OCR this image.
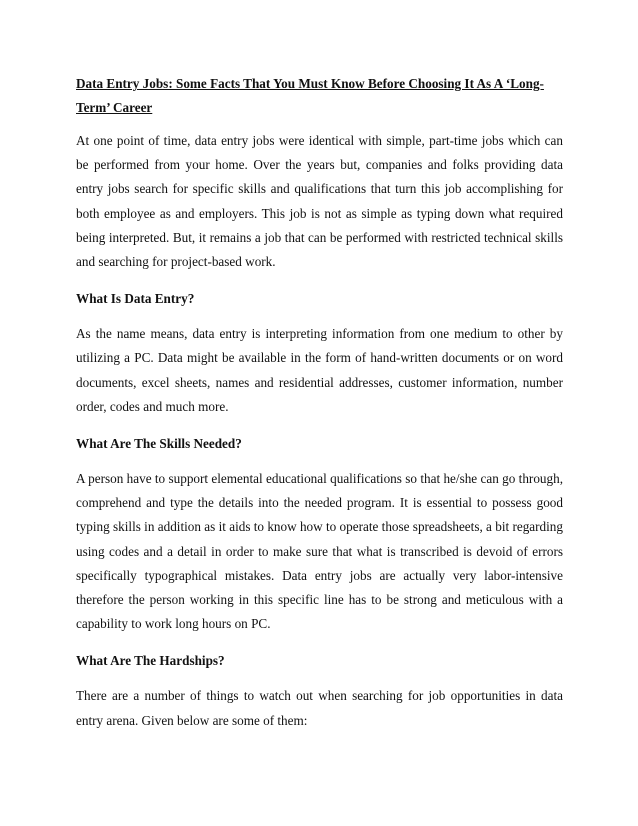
Data Entry Jobs: Some Facts That You Must Know Before Choosing It As A ‘Long-Term’ Career
At one point of time, data entry jobs were identical with simple, part-time jobs which can be performed from your home. Over the years but, companies and folks providing data entry jobs search for specific skills and qualifications that turn this job accomplishing for both employee as and employers. This job is not as simple as typing down what required being interpreted. But, it remains a job that can be performed with restricted technical skills and searching for project-based work.
What Is Data Entry?
As the name means, data entry is interpreting information from one medium to other by utilizing a PC. Data might be available in the form of hand-written documents or on word documents, excel sheets, names and residential addresses, customer information, number order, codes and much more.
What Are The Skills Needed?
A person have to support elemental educational qualifications so that he/she can go through, comprehend and type the details into the needed program. It is essential to possess good typing skills in addition as it aids to know how to operate those spreadsheets, a bit regarding using codes and a detail in order to make sure that what is transcribed is devoid of errors specifically typographical mistakes. Data entry jobs are actually very labor-intensive therefore the person working in this specific line has to be strong and meticulous with a capability to work long hours on PC.
What Are The Hardships?
There are a number of things to watch out when searching for job opportunities in data entry arena. Given below are some of them:
